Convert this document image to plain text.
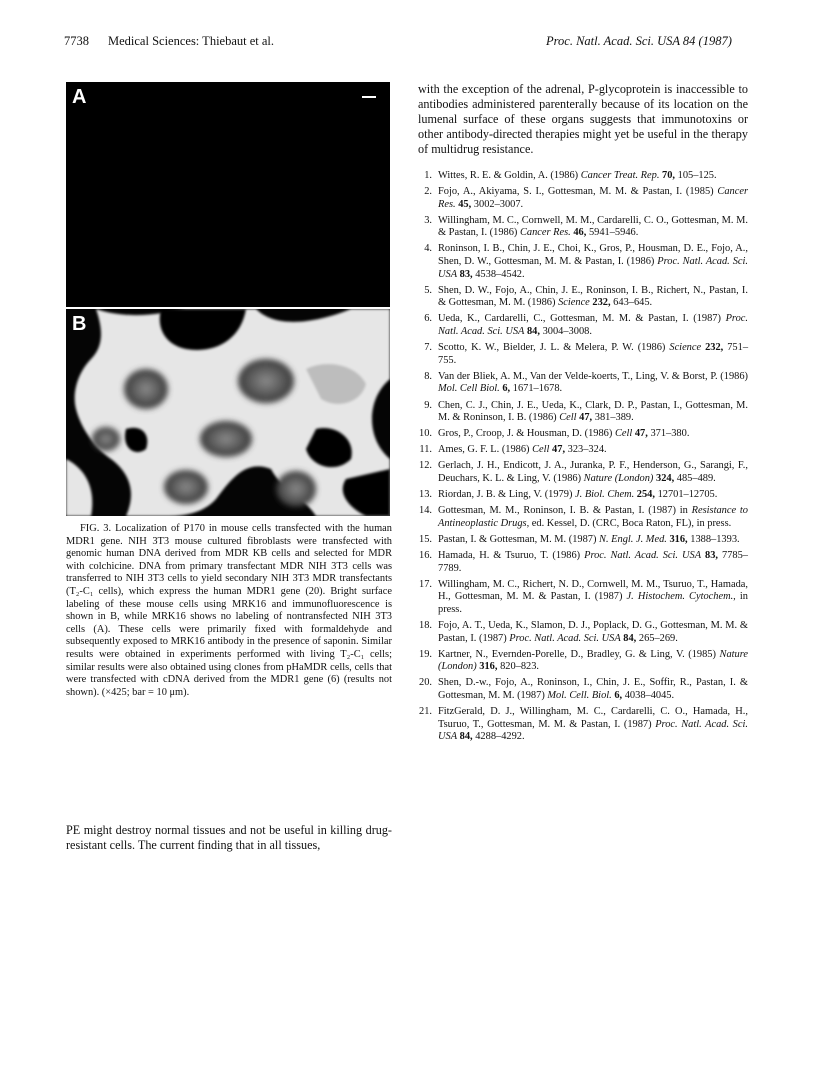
7738 Medical Sciences: Thiebaut et al.	Proc. Natl. Acad. Sci. USA 84 (1987)
A
B

FIG. 3. Localization of P170 in mouse cells transfected with the human MDR1 gene. NIH 3T3 mouse cultured fibroblasts were transfected with genomic human DNA derived from MDR KB cells and selected for MDR with colchicine. DNA from primary transfectant MDR NIH 3T3 cells was transferred to NIH 3T3 cells to yield secondary NIH 3T3 MDR transfectants (T₂-C₁ cells), which express the human MDR1 gene (20). Bright surface labeling of these mouse cells using MRK16 and immunofluorescence is shown in B, while MRK16 shows no labeling of nontransfected NIH 3T3 cells (A). These cells were primarily fixed with formaldehyde and subsequently exposed to MRK16 antibody in the presence of saponin. Similar results were obtained in experiments performed with living T₂-C₁ cells; similar results were also obtained using clones from pHaMDR cells, cells that were transfected with cDNA derived from the MDR1 gene (6) (results not shown). (×425; bar = 10 μm).

PE might destroy normal tissues and not be useful in killing drug-resistant cells. The current finding that in all tissues,
with the exception of the adrenal, P-glycoprotein is inaccessible to antibodies administered parenterally because of its location on the lumenal surface of these organs suggests that immunotoxins or other antibody-directed therapies might yet be useful in the therapy of multidrug resistance.
1. Wittes, R. E. & Goldin, A. (1986) Cancer Treat. Rep. 70, 105–125.
2. Fojo, A., Akiyama, S. I., Gottesman, M. M. & Pastan, I. (1985) Cancer Res. 45, 3002–3007.
3. Willingham, M. C., Cornwell, M. M., Cardarelli, C. O., Gottesman, M. M. & Pastan, I. (1986) Cancer Res. 46, 5941–5946.
4. Roninson, I. B., Chin, J. E., Choi, K., Gros, P., Housman, D. E., Fojo, A., Shen, D. W., Gottesman, M. M. & Pastan, I. (1986) Proc. Natl. Acad. Sci. USA 83, 4538–4542.
5. Shen, D. W., Fojo, A., Chin, J. E., Roninson, I. B., Richert, N., Pastan, I. & Gottesman, M. M. (1986) Science 232, 643–645.
6. Ueda, K., Cardarelli, C., Gottesman, M. M. & Pastan, I. (1987) Proc. Natl. Acad. Sci. USA 84, 3004–3008.
7. Scotto, K. W., Bielder, J. L. & Melera, P. W. (1986) Science 232, 751–755.
8. Van der Bliek, A. M., Van der Velde-koerts, T., Ling, V. & Borst, P. (1986) Mol. Cell Biol. 6, 1671–1678.
9. Chen, C. J., Chin, J. E., Ueda, K., Clark, D. P., Pastan, I., Gottesman, M. M. & Roninson, I. B. (1986) Cell 47, 381–389.
10. Gros, P., Croop, J. & Housman, D. (1986) Cell 47, 371–380.
11. Ames, G. F. L. (1986) Cell 47, 323–324.
12. Gerlach, J. H., Endicott, J. A., Juranka, P. F., Henderson, G., Sarangi, F., Deuchars, K. L. & Ling, V. (1986) Nature (London) 324, 485–489.
13. Riordan, J. B. & Ling, V. (1979) J. Biol. Chem. 254, 12701–12705.
14. Gottesman, M. M., Roninson, I. B. & Pastan, I. (1987) in Resistance to Antineoplastic Drugs, ed. Kessel, D. (CRC, Boca Raton, FL), in press.
15. Pastan, I. & Gottesman, M. M. (1987) N. Engl. J. Med. 316, 1388–1393.
16. Hamada, H. & Tsuruo, T. (1986) Proc. Natl. Acad. Sci. USA 83, 7785–7789.
17. Willingham, M. C., Richert, N. D., Cornwell, M. M., Tsuruo, T., Hamada, H., Gottesman, M. M. & Pastan, I. (1987) J. Histochem. Cytochem., in press.
18. Fojo, A. T., Ueda, K., Slamon, D. J., Poplack, D. G., Gottesman, M. M. & Pastan, I. (1987) Proc. Natl. Acad. Sci. USA 84, 265–269.
19. Kartner, N., Evernden-Porelle, D., Bradley, G. & Ling, V. (1985) Nature (London) 316, 820–823.
20. Shen, D.-w., Fojo, A., Roninson, I., Chin, J. E., Soffir, R., Pastan, I. & Gottesman, M. M. (1987) Mol. Cell. Biol. 6, 4038–4045.
21. FitzGerald, D. J., Willingham, M. C., Cardarelli, C. O., Hamada, H., Tsuruo, T., Gottesman, M. M. & Pastan, I. (1987) Proc. Natl. Acad. Sci. USA 84, 4288–4292.
